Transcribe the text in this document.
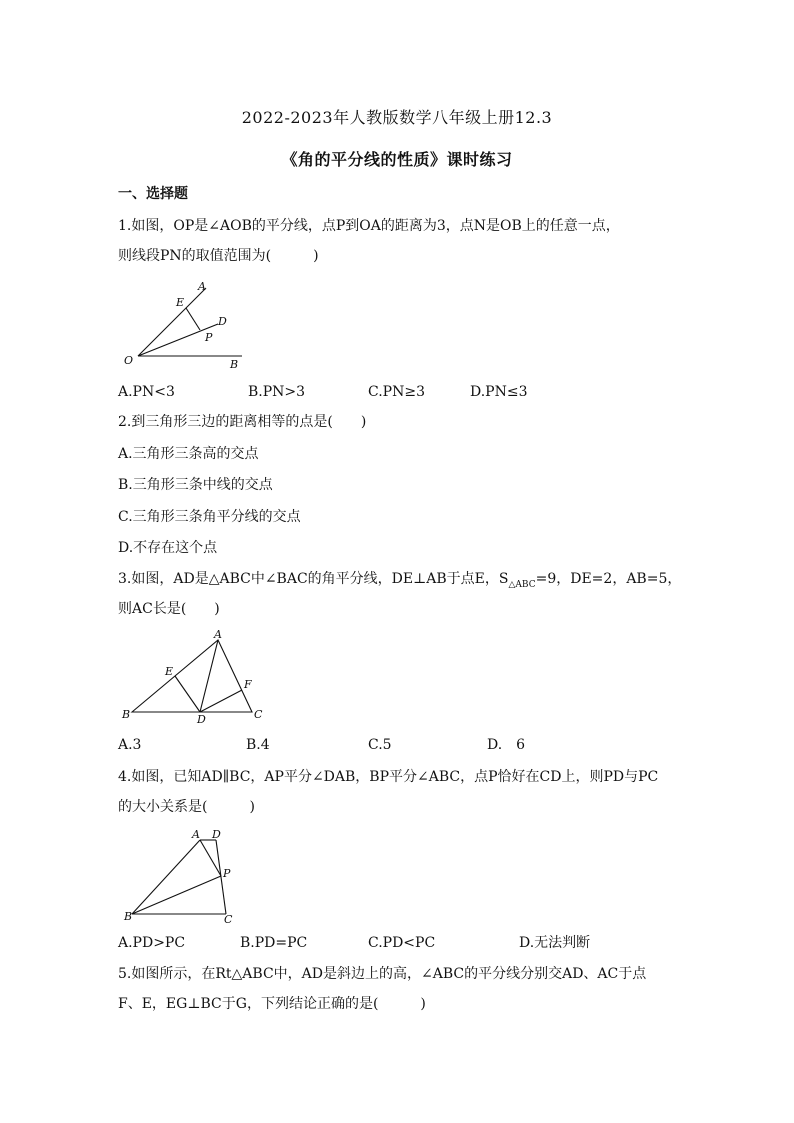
2022-2023年人教版数学八年级上册12.3
《角的平分线的性质》课时练习
一、选择题
1.如图，OP是∠AOB的平分线，点P到OA的距离为3，点N是OB上的任意一点，
则线段PN的取值范围为(　　　)
A
E
D
P
O	B
A.PN<3	B.PN>3	C.PN≥3	D.PN≤3
2.到三角形三边的距离相等的点是(　　)
A.三角形三条高的交点
B.三角形三条中线的交点
C.三角形三条角平分线的交点
D.不存在这个点
3.如图，AD是△ABC中∠BAC的角平分线，DE⊥AB于点E，$S_{\triangle ABC}=9$，DE=2，AB=5，
则AC长是(　　)
A
E
F
B	D	C
A.3	B.4	C.5	D.　6
4.如图，已知AD∥BC，AP平分∠DAB，BP平分∠ABC，点P恰好在CD上，则PD与PC
的大小关系是(　　　)
A D
P
B	C
A.PD>PC	B.PD=PC	C.PD<PC	D.无法判断
5.如图所示，在Rt△ABC中，AD是斜边上的高，∠ABC的平分线分别交AD、AC于点
F、E，EG⊥BC于G，下列结论正确的是(　　　)
